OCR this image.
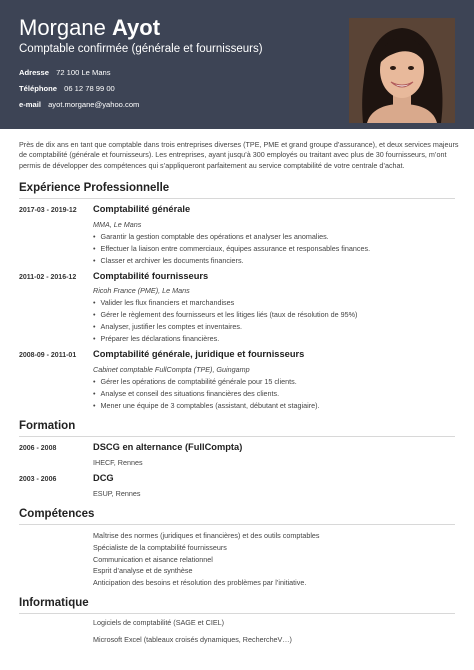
Morgane Ayot
Comptable confirmée (générale et fournisseurs)
Adresse 72 100 Le Mans
Téléphone 06 12 78 99 00
e-mail ayot.morgane@yahoo.com
Près de dix ans en tant que comptable dans trois entreprises diverses (TPE, PME et grand groupe d’assurance), et deux services majeurs de comptabilité (générale et fournisseurs). Les entreprises, ayant jusqu’à 300 employés ou traitant avec plus de 30 fournisseurs, m’ont permis de développer des compétences qui s’appliqueront parfaitement au service comptabilité de votre centrale d’achat.
Expérience Professionnelle
2017-03 - 2019-12 Comptabilité générale
MMA, Le Mans
• Garantir la gestion comptable des opérations et analyser les anomalies.
• Effectuer la liaison entre commerciaux, équipes assurance et responsables finances.
• Classer et archiver les documents financiers.
2011-02 - 2016-12 Comptabilité fournisseurs
Ricoh France (PME), Le Mans
• Valider les flux financiers et marchandises
• Gérer le règlement des fournisseurs et les litiges liés (taux de résolution de 95%)
• Analyser, justifier les comptes et inventaires.
• Préparer les déclarations financières.
2008-09 - 2011-01 Comptabilité générale, juridique et fournisseurs
Cabinet comptable FullCompta (TPE), Guingamp
• Gérer les opérations de comptabilité générale pour 15 clients.
• Analyse et conseil des situations financières des clients.
• Mener une équipe de 3 comptables (assistant, débutant et stagiaire).
Formation
2006 - 2008	DSCG en alternance (FullCompta)
IHECF, Rennes
2003 - 2006	DCG
ESUP, Rennes
Compétences
Maîtrise des normes (juridiques et financières) et des outils comptables
Spécialiste de la comptabilité fournisseurs
Communication et aisance relationnel
Esprit d’analyse et de synthèse
Anticipation des besoins et résolution des problèmes par l’initiative.
Informatique
Logiciels de comptabilité (SAGE et CIEL)
Microsoft Excel (tableaux croisés dynamiques, RechercheV…)
